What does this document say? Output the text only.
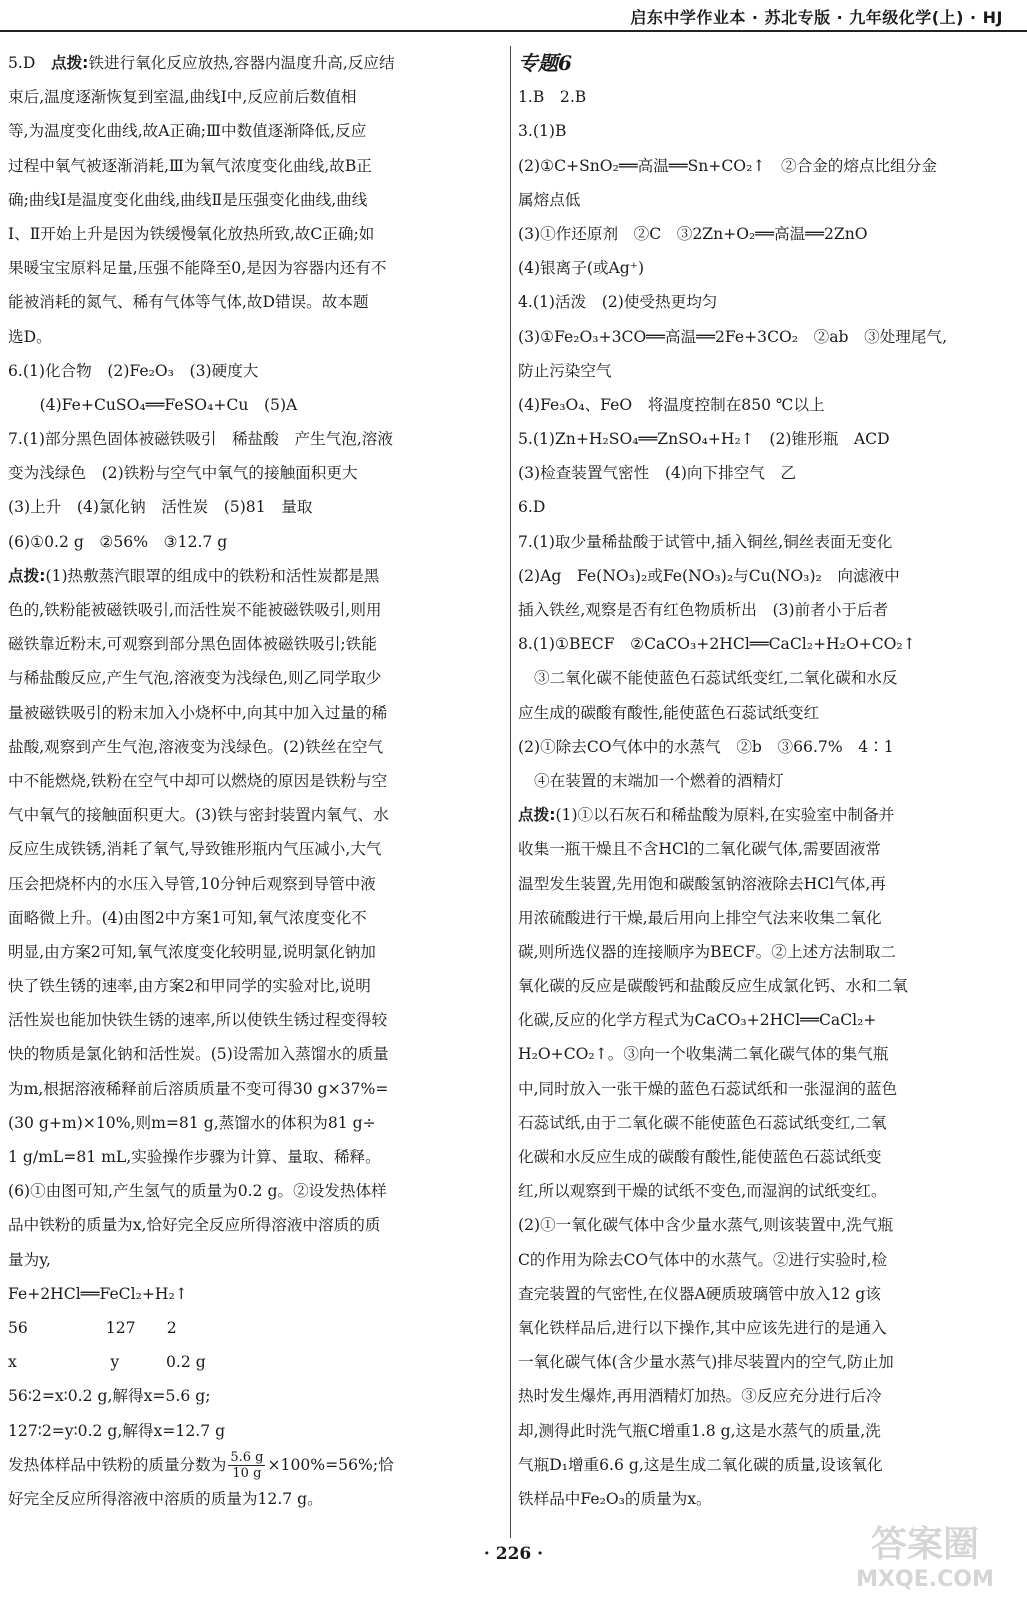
启东中学作业本 · 苏北专版 · 九年级化学(上) · HJ
5.D　点拨:铁进行氧化反应放热,容器内温度升高,反应结
束后,温度逐渐恢复到室温,曲线Ⅰ中,反应前后数值相
等,为温度变化曲线,故A正确;Ⅲ中数值逐渐降低,反应
过程中氧气被逐渐消耗,Ⅲ为氧气浓度变化曲线,故B正
确;曲线Ⅰ是温度变化曲线,曲线Ⅱ是压强变化曲线,曲线
Ⅰ、Ⅱ开始上升是因为铁缓慢氧化放热所致,故C正确;如
果暖宝宝原料足量,压强不能降至0,是因为容器内还有不
能被消耗的氮气、稀有气体等气体,故D错误。故本题
选D。
6.(1)化合物　(2)Fe₂O₃　(3)硬度大
　(4)Fe+CuSO₄══FeSO₄+Cu　(5)A
7.(1)部分黑色固体被磁铁吸引　稀盐酸　产生气泡,溶液
变为浅绿色　(2)铁粉与空气中氧气的接触面积更大
(3)上升　(4)氯化钠　活性炭　(5)81　量取
(6)①0.2 g　②56%　③12.7 g
点拨:(1)热敷蒸汽眼罩的组成中的铁粉和活性炭都是黑
色的,铁粉能被磁铁吸引,而活性炭不能被磁铁吸引,则用
磁铁靠近粉末,可观察到部分黑色固体被磁铁吸引;铁能
与稀盐酸反应,产生气泡,溶液变为浅绿色,则乙同学取少
量被磁铁吸引的粉末加入小烧杯中,向其中加入过量的稀
盐酸,观察到产生气泡,溶液变为浅绿色。(2)铁丝在空气
中不能燃烧,铁粉在空气中却可以燃烧的原因是铁粉与空
气中氧气的接触面积更大。(3)铁与密封装置内氧气、水
反应生成铁锈,消耗了氧气,导致锥形瓶内气压减小,大气
压会把烧杯内的水压入导管,10分钟后观察到导管中液
面略微上升。(4)由图2中方案1可知,氧气浓度变化不
明显,由方案2可知,氧气浓度变化较明显,说明氯化钠加
快了铁生锈的速率,由方案2和甲同学的实验对比,说明
活性炭也能加快铁生锈的速率,所以使铁生锈过程变得较
快的物质是氯化钠和活性炭。(5)设需加入蒸馏水的质量
为m,根据溶液稀释前后溶质质量不变可得30 g×37%=
(30 g+m)×10%,则m=81 g,蒸馏水的体积为81 g÷
1 g/mL=81 mL,实验操作步骤为计算、量取、稀释。
(6)①由图可知,产生氢气的质量为0.2 g。②设发热体样
品中铁粉的质量为x,恰好完全反应所得溶液中溶质的质
量为y,
Fe+2HCl══FeCl₂+H₂↑
56　　　　　127　　2
x　　　　　　y　　　0.2 g
56∶2=x∶0.2 g,解得x=5.6 g;
127∶2=y∶0.2 g,解得x=12.7 g
发热体样品中铁粉的质量分数为 $\frac{5.6 g}{10 g} \times 100\%=56\%$;恰
好完全反应所得溶液中溶质的质量为12.7 g。
专题6
1.B　2.B
3.(1)B
(2)①C+SnO₂══高温══Sn+CO₂↑　②合金的熔点比组分金
属熔点低
(3)①作还原剂　②C　③2Zn+O₂══高温══2ZnO
(4)银离子(或Ag⁺)
4.(1)活泼　(2)使受热更均匀
(3)①Fe₂O₃+3CO══高温══2Fe+3CO₂　②ab　③处理尾气,
防止污染空气
(4)Fe₃O₄、FeO　将温度控制在850 ℃以上
5.(1)Zn+H₂SO₄══ZnSO₄+H₂↑　(2)锥形瓶　ACD
(3)检查装置气密性　(4)向下排空气　乙
6.D
7.(1)取少量稀盐酸于试管中,插入铜丝,铜丝表面无变化
(2)Ag　Fe(NO₃)₂或Fe(NO₃)₂与Cu(NO₃)₂　向滤液中
插入铁丝,观察是否有红色物质析出　(3)前者小于后者
8.(1)①BECF　②CaCO₃+2HCl══CaCl₂+H₂O+CO₂↑
③二氧化碳不能使蓝色石蕊试纸变红,二氧化碳和水反
应生成的碳酸有酸性,能使蓝色石蕊试纸变红
(2)①除去CO气体中的水蒸气　②b　③66.7%　4∶1
④在装置的末端加一个燃着的酒精灯
点拨:(1)①以石灰石和稀盐酸为原料,在实验室中制备并
收集一瓶干燥且不含HCl的二氧化碳气体,需要固液常
温型发生装置,先用饱和碳酸氢钠溶液除去HCl气体,再
用浓硫酸进行干燥,最后用向上排空气法来收集二氧化
碳,则所选仪器的连接顺序为BECF。②上述方法制取二
氧化碳的反应是碳酸钙和盐酸反应生成氯化钙、水和二氧
化碳,反应的化学方程式为CaCO₃+2HCl══CaCl₂+
H₂O+CO₂↑。③向一个收集满二氧化碳气体的集气瓶
中,同时放入一张干燥的蓝色石蕊试纸和一张湿润的蓝色
石蕊试纸,由于二氧化碳不能使蓝色石蕊试纸变红,二氧
化碳和水反应生成的碳酸有酸性,能使蓝色石蕊试纸变
红,所以观察到干燥的试纸不变色,而湿润的试纸变红。
(2)①一氧化碳气体中含少量水蒸气,则该装置中,洗气瓶
C的作用为除去CO气体中的水蒸气。②进行实验时,检
查完装置的气密性,在仪器A硬质玻璃管中放入12 g该
氧化铁样品后,进行以下操作,其中应该先进行的是通入
一氧化碳气体(含少量水蒸气)排尽装置内的空气,防止加
热时发生爆炸,再用酒精灯加热。③反应充分进行后冷
却,测得此时洗气瓶C增重1.8 g,这是水蒸气的质量,洗
气瓶D₁增重6.6 g,这是生成二氧化碳的质量,设该氧化
铁样品中Fe₂O₃的质量为x。
· 226 ·	答案圈
MXQE.COM
